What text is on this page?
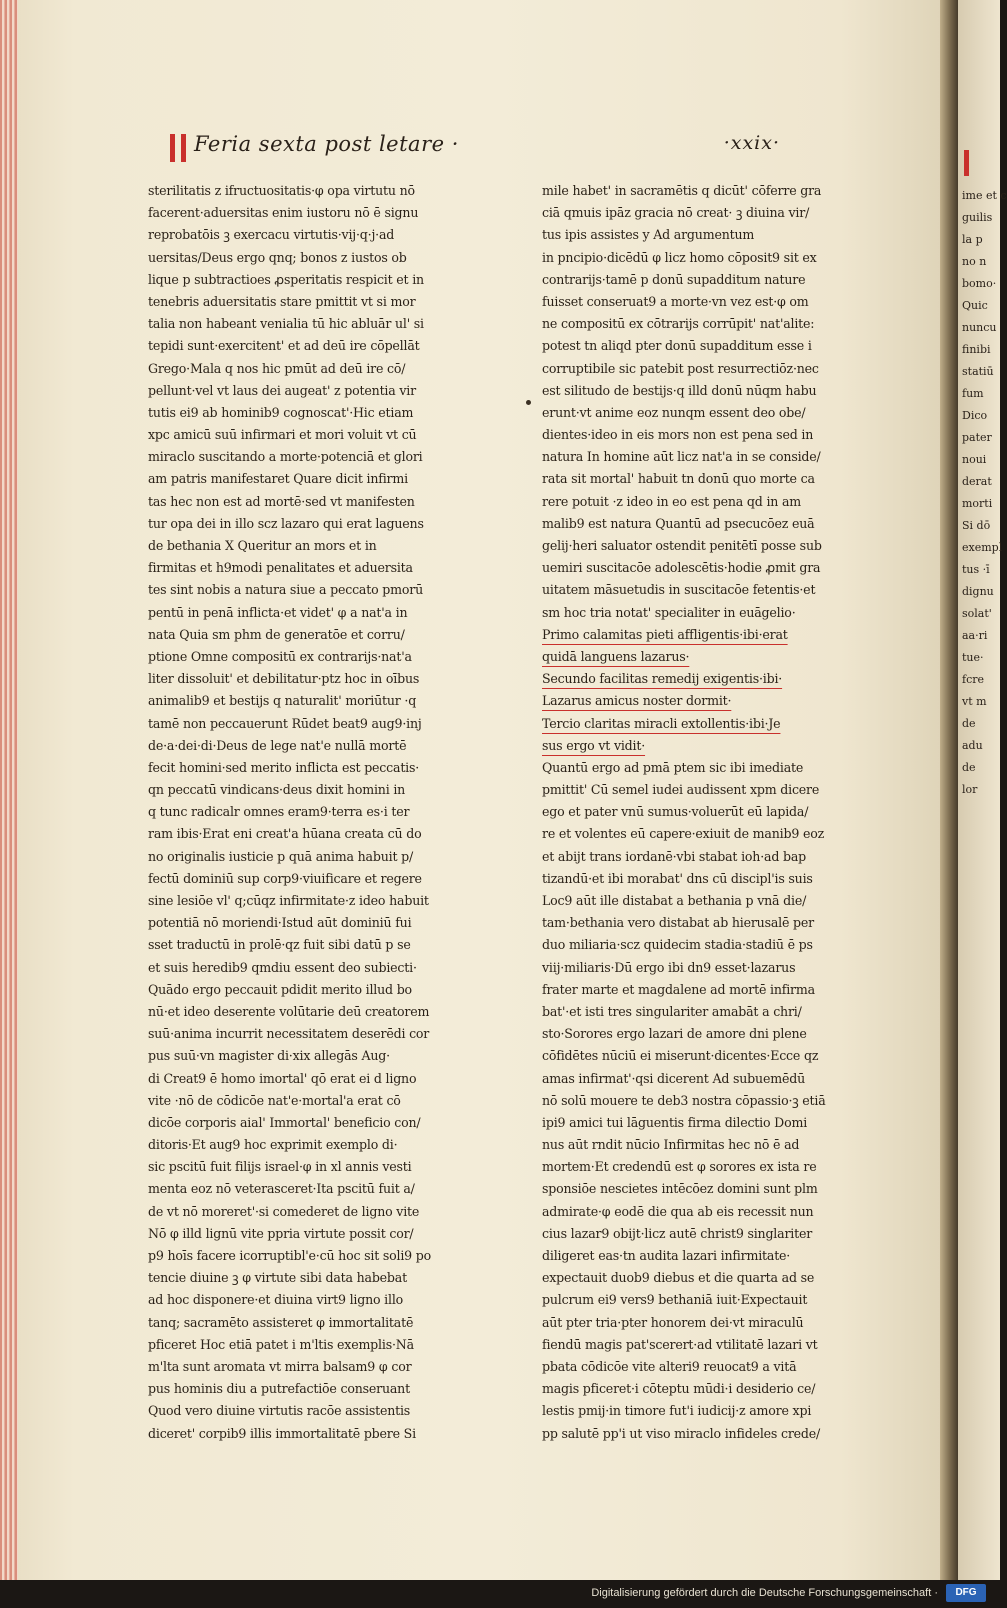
ime et c
guilis
la p
no n
bomo·
Quic
nuncu
finibi
statiū
fum
Dico
pater
noui
derat
morti
Si dō
exempl
tus ·ī
dignu
solat'
aa·ri
tue·
fcre
vt m
de
adu
de
lor
Feria sexta post letare ·	·xxix·
sterilitatis z ifructuositatis·φ opa virtutu nō
facerent·aduersitas enim iustoru nō ē signu
reprobatōis ꝫ exercacu virtutis·vij·q·j·ad
uersitas/Deus ergo qnq; bonos z iustos ob
lique p subtractioes ꝓsperitatis respicit et in
tenebris aduersitatis stare pmittit vt si mor
talia non habeant venialia tū hic abluār ul' si
tepidi sunt·exercitent' et ad deū ire cōpellāt
Grego·Mala q nos hic pmūt ad deū ire cō/
pellunt·vel vt laus dei augeat' z potentia vir
tutis ei9 ab hominib9 cognoscat'·Hic etiam
xpc amicū suū infirmari et mori voluit vt cū
miraclo suscitando a morte·potenciā et glori
am patris manifestaret Quare dicit infirmi
tas hec non est ad mortē·sed vt manifesten
tur opa dei in illo scz lazaro qui erat laguens
de bethania X Queritur an mors et in
firmitas et h9modi penalitates et aduersita
tes sint nobis a natura siue a peccato pmorū
pentū in penā inflicta·et videt' φ a nat'a in
nata Quia sm phm de generatōe et corru/
ptione Omne compositū ex contrarijs·nat'a
liter dissoluit' et debilitatur·ptz hoc in oībus
animalib9 et bestijs q naturalit' moriūtur ·q
tamē non peccauerunt Rūdet beat9 aug9·inj
de·a·dei·di·Deus de lege nat'e nullā mortē
fecit homini·sed merito inflicta est peccatis·
qn peccatū vindicans·deus dixit homini in
q tunc radicalr omnes eram9·terra es·i ter
ram ibis·Erat eni creat'a hūana creata cū do
no originalis iusticie p quā anima habuit p/
fectū dominiū sup corp9·viuificare et regere
sine lesiōe vl' q;cūqz infirmitate·z ideo habuit
potentiā nō moriendi·Istud aūt dominiū fui
sset traductū in prolē·qz fuit sibi datū p se
et suis heredib9 qmdiu essent deo subiecti·
Quādo ergo peccauit pdidit merito illud bo
nū·et ideo deserente volūtarie deū creatorem
suū·anima incurrit necessitatem deserēdi cor
pus suū·vn magister di·xix allegās Aug·
di Creat9 ē homo imortal' qō erat ei d ligno
vite ·nō de cōdicōe nat'e·mortal'a erat cō
dicōe corporis aial' Immortal' beneficio con/
ditoris·Et aug9 hoc exprimit exemplo di·
sic pscitū fuit filijs israel·φ in xl annis vesti
menta eoz nō veterasceret·Ita pscitū fuit a/
de vt nō moreret'·si comederet de ligno vite
Nō φ illd lignū vite ppria virtute possit cor/
p9 hoīs facere icorruptibl'e·cū hoc sit soli9 po
tencie diuine ꝫ φ virtute sibi data habebat
ad hoc disponere·et diuina virt9 ligno illo
tanq; sacramēto assisteret φ immortalitatē
pficeret Hoc etiā patet i m'ltis exemplis·Nā
m'lta sunt aromata vt mirra balsam9 φ cor
pus hominis diu a putrefactiōe conseruant
Quod vero diuine virtutis racōe assistentis
diceret' corpib9 illis immortalitatē pbere Si
mile habet' in sacramētis q dicūt' cōferre gra
ciā qmuis ipāz gracia nō creat· ꝫ diuina vir/
tus ipis assistes y Ad argumentum
in pncipio·dicēdū φ licz homo cōposit9 sit ex
contrarijs·tamē p donū supadditum nature
fuisset conseruat9 a morte·vn vez est·φ om
ne compositū ex cōtrarijs corrūpit' nat'alite:
potest tn aliqd pter donū supadditum esse i
corruptibile sic patebit post resurrectiōz·nec
est silitudo de bestijs·q illd donū nūqm habu
erunt·vt anime eoz nunqm essent deo obe/
dientes·ideo in eis mors non est pena sed in
natura In homine aūt licz nat'a in se conside/
rata sit mortal' habuit tn donū quo morte ca
rere potuit ·z ideo in eo est pena qd in am
malib9 est natura Quantū ad psecucōez euā
gelij·heri saluator ostendit penitētī posse sub
uemiri suscitacōe adolescētis·hodie ꝓmit gra
uitatem māsuetudis in suscitacōe fetentis·et
sm hoc tria notat' specialiter in euāgelio·
Primo calamitas pieti affligentis·ibi·erat
quidā languens lazarus·
Secundo facilitas remedij exigentis·ibi·
Lazarus amicus noster dormit·
Tercio claritas miracli extollentis·ibi·Je
sus ergo vt vidit·
Quantū ergo ad pmā ptem sic ibi imediate
pmittit' Cū semel iudei audissent xpm dicere
ego et pater vnū sumus·voluerūt eū lapida/
re et volentes eū capere·exiuit de manib9 eoz
et abijt trans iordanē·vbi stabat ioh·ad bap
tizandū·et ibi morabat' dns cū discipl'is suis
Loc9 aūt ille distabat a bethania p vnā die/
tam·bethania vero distabat ab hierusalē per
duo miliaria·scz quidecim stadia·stadiū ē ps
viij·miliaris·Dū ergo ibi dn9 esset·lazarus
frater marte et magdalene ad mortē infirma
bat'·et isti tres singulariter amabāt a chri/
sto·Sorores ergo lazari de amore dni plene
cōfidētes nūciū ei miserunt·dicentes·Ecce qz
amas infirmat'·qsi dicerent Ad subuemēdū
nō solū mouere te deb3 nostra cōpassio·ꝫ etiā
ipi9 amici tui lāguentis firma dilectio Domi
nus aūt rndit nūcio Infirmitas hec nō ē ad
mortem·Et credendū est φ sorores ex ista re
sponsiōe nescietes intēcōez domini sunt plm
admirate·φ eodē die qua ab eis recessit nun
cius lazar9 obijt·licz autē christ9 singlariter
diligeret eas·tn audita lazari infirmitate·
expectauit duob9 diebus et die quarta ad se
pulcrum ei9 vers9 bethaniā iuit·Expectauit
aūt pter tria·pter honorem dei·vt miraculū
fiendū magis pat'scerert·ad vtilitatē lazari vt
pbata cōdicōe vite alteri9 reuocat9 a vitā
magis pficeret·i cōteptu mūdi·i desiderio ce/
lestis pmij·in timore fut'i iudicij·z amore xpi
pp salutē pp'i ut viso miraclo infideles crede/
Digitalisierung gefördert durch die Deutsche Forschungsgemeinschaft ·	DFG
